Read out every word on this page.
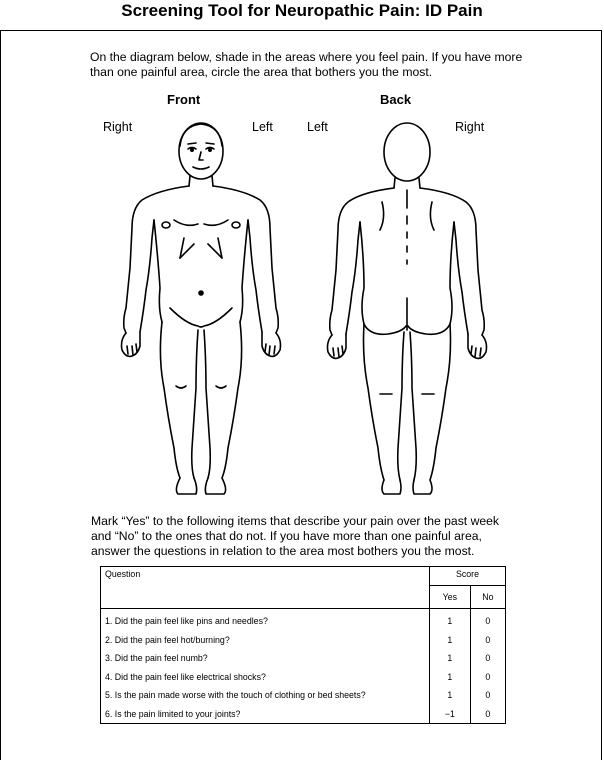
Screening Tool for Neuropathic Pain: ID Pain
On the diagram below, shade in the areas where you feel pain. If you have more than one painful area, circle the area that bothers you the most.
Front	Back
Right	Left	Left	Right
Mark “Yes” to the following items that describe your pain over the past week and “No” to the ones that do not. If you have more than one painful area, answer the questions in relation to the area most bothers you the most.
Question	Score	
	Yes	No
1. Did the pain feel like pins and needles?	1	0
2. Did the pain feel hot/burning?	1	0
3. Did the pain feel numb?	1	0
4. Did the pain feel like electrical shocks?	1	0
5. Is the pain made worse with the touch of clothing or bed sheets?	1	0
6. Is the pain limited to your joints?	−1	0
